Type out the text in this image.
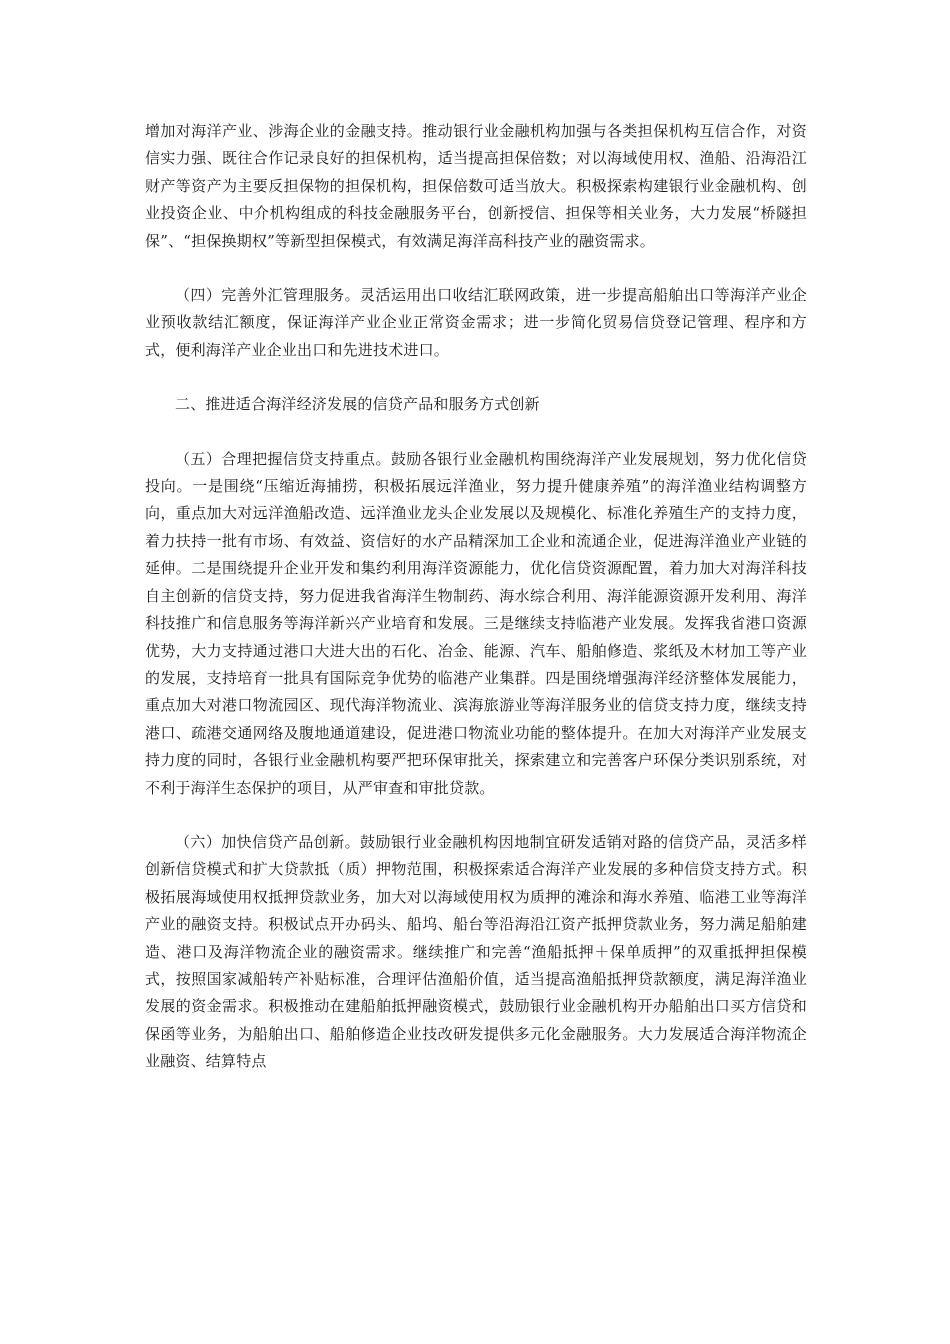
增加对海洋产业、涉海企业的金融支持。推动银行业金融机构加强与各类担保机构互信合作，对资信实力强、既往合作记录良好的担保机构，适当提高担保倍数；对以海域使用权、渔船、沿海沿江财产等资产为主要反担保物的担保机构，担保倍数可适当放大。积极探索构建银行业金融机构、创业投资企业、中介机构组成的科技金融服务平台，创新授信、担保等相关业务，大力发展“桥隧担保”、“担保换期权”等新型担保模式，有效满足海洋高科技产业的融资需求。

（四）完善外汇管理服务。灵活运用出口收结汇联网政策，进一步提高船舶出口等海洋产业企业预收款结汇额度，保证海洋产业企业正常资金需求；进一步简化贸易信贷登记管理、程序和方式，便利海洋产业企业出口和先进技术进口。

二、推进适合海洋经济发展的信贷产品和服务方式创新

（五）合理把握信贷支持重点。鼓励各银行业金融机构围绕海洋产业发展规划，努力优化信贷投向。一是围绕“压缩近海捕捞，积极拓展远洋渔业，努力提升健康养殖”的海洋渔业结构调整方向，重点加大对远洋渔船改造、远洋渔业龙头企业发展以及规模化、标准化养殖生产的支持力度，着力扶持一批有市场、有效益、资信好的水产品精深加工企业和流通企业，促进海洋渔业产业链的延伸。二是围绕提升企业开发和集约利用海洋资源能力，优化信贷资源配置，着力加大对海洋科技自主创新的信贷支持，努力促进我省海洋生物制药、海水综合利用、海洋能源资源开发利用、海洋科技推广和信息服务等海洋新兴产业培育和发展。三是继续支持临港产业发展。发挥我省港口资源优势，大力支持通过港口大进大出的石化、冶金、能源、汽车、船舶修造、浆纸及木材加工等产业的发展，支持培育一批具有国际竞争优势的临港产业集群。四是围绕增强海洋经济整体发展能力，重点加大对港口物流园区、现代海洋物流业、滨海旅游业等海洋服务业的信贷支持力度，继续支持港口、疏港交通网络及腹地通道建设，促进港口物流业功能的整体提升。在加大对海洋产业发展支持力度的同时，各银行业金融机构要严把环保审批关，探索建立和完善客户环保分类识别系统，对不利于海洋生态保护的项目，从严审查和审批贷款。

（六）加快信贷产品创新。鼓励银行业金融机构因地制宜研发适销对路的信贷产品，灵活多样创新信贷模式和扩大贷款抵（质）押物范围，积极探索适合海洋产业发展的多种信贷支持方式。积极拓展海域使用权抵押贷款业务，加大对以海域使用权为质押的滩涂和海水养殖、临港工业等海洋产业的融资支持。积极试点开办码头、船坞、船台等沿海沿江资产抵押贷款业务，努力满足船舶建造、港口及海洋物流企业的融资需求。继续推广和完善“渔船抵押＋保单质押”的双重抵押担保模式，按照国家减船转产补贴标准，合理评估渔船价值，适当提高渔船抵押贷款额度，满足海洋渔业发展的资金需求。积极推动在建船舶抵押融资模式，鼓励银行业金融机构开办船舶出口买方信贷和保函等业务，为船舶出口、船舶修造企业技改研发提供多元化金融服务。大力发展适合海洋物流企业融资、结算特点
